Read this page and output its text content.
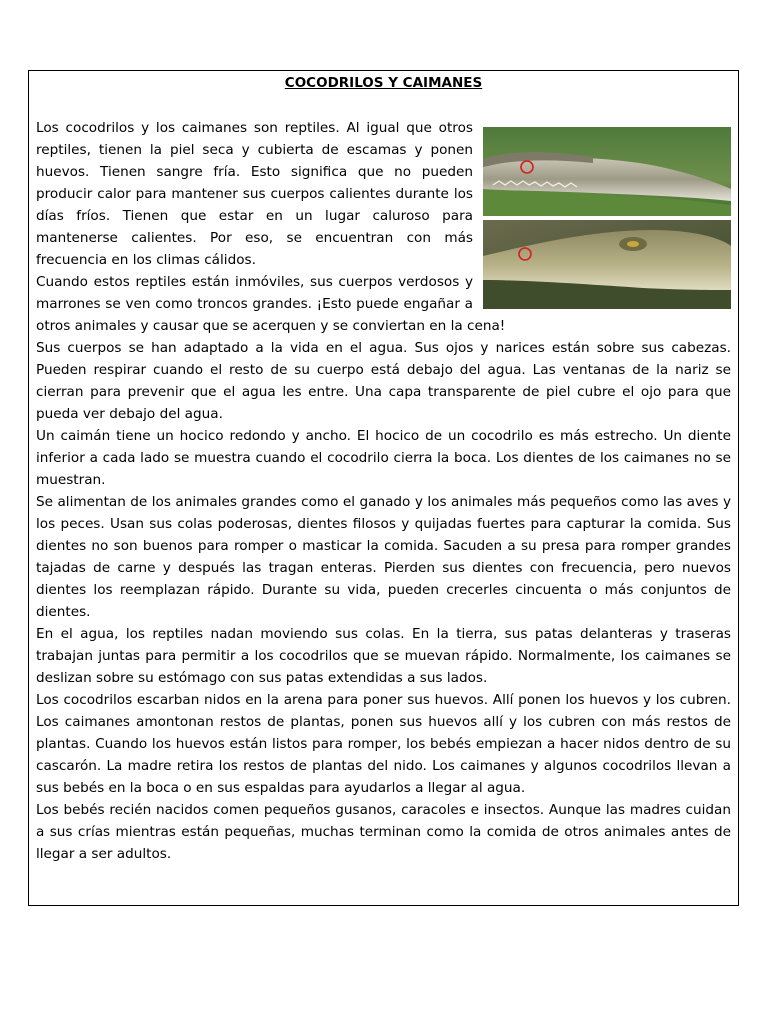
COCODRILOS Y CAIMANES

Los cocodrilos y los caimanes son reptiles. Al igual que otros reptiles, tienen la piel seca y cubierta de escamas y ponen huevos. Tienen sangre fría. Esto significa que no pueden producir calor para mantener sus cuerpos calientes durante los días fríos. Tienen que estar en un lugar caluroso para mantenerse calientes. Por eso, se encuentran con más frecuencia en los climas cálidos.

Cuando estos reptiles están inmóviles, sus cuerpos verdosos y marrones se ven como troncos grandes. ¡Esto puede engañar a otros animales y causar que se acerquen y se conviertan en la cena!

Sus cuerpos se han adaptado a la vida en el agua. Sus ojos y narices están sobre sus cabezas. Pueden respirar cuando el resto de su cuerpo está debajo del agua. Las ventanas de la nariz se cierran para prevenir que el agua les entre. Una capa transparente de piel cubre el ojo para que pueda ver debajo del agua.

Un caimán tiene un hocico redondo y ancho. El hocico de un cocodrilo es más estrecho. Un diente inferior a cada lado se muestra cuando el cocodrilo cierra la boca. Los dientes de los caimanes no se muestran.

Se alimentan de los animales grandes como el ganado y los animales más pequeños como las aves y los peces. Usan sus colas poderosas, dientes filosos y quijadas fuertes para capturar la comida. Sus dientes no son buenos para romper o masticar la comida. Sacuden a su presa para romper grandes tajadas de carne y después las tragan enteras. Pierden sus dientes con frecuencia, pero nuevos dientes los reemplazan rápido. Durante su vida, pueden crecerles cincuenta o más conjuntos de dientes.

En el agua, los reptiles nadan moviendo sus colas. En la tierra, sus patas delanteras y traseras trabajan juntas para permitir a los cocodrilos que se muevan rápido. Normalmente, los caimanes se deslizan sobre su estómago con sus patas extendidas a sus lados.

Los cocodrilos escarban nidos en la arena para poner sus huevos. Allí ponen los huevos y los cubren. Los caimanes amontonan restos de plantas, ponen sus huevos allí y los cubren con más restos de plantas. Cuando los huevos están listos para romper, los bebés empiezan a hacer nidos dentro de su cascarón. La madre retira los restos de plantas del nido. Los caimanes y algunos cocodrilos llevan a sus bebés en la boca o en sus espaldas para ayudarlos a llegar al agua.

Los bebés recién nacidos comen pequeños gusanos, caracoles e insectos. Aunque las madres cuidan a sus crías mientras están pequeñas, muchas terminan como la comida de otros animales antes de llegar a ser adultos.
